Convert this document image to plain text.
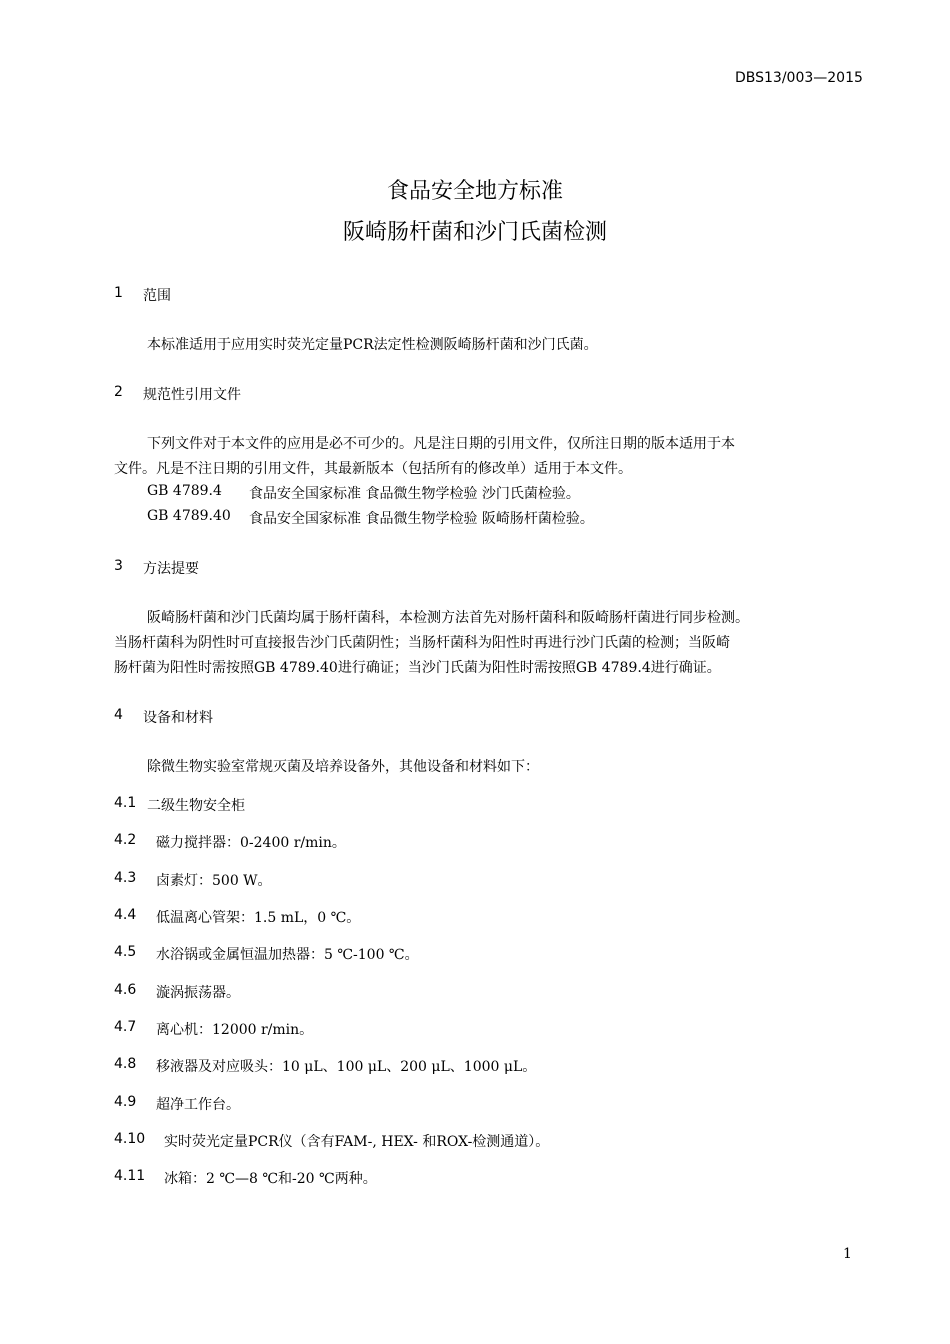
DBS13/003—2015
食品安全地方标准
阪崎肠杆菌和沙门氏菌检测
1 范围
本标准适用于应用实时荧光定量PCR法定性检测阪崎肠杆菌和沙门氏菌。
2 规范性引用文件
下列文件对于本文件的应用是必不可少的。凡是注日期的引用文件，仅所注日期的版本适用于本
文件。凡是不注日期的引用文件，其最新版本（包括所有的修改单）适用于本文件。
GB 4789.4 食品安全国家标准 食品微生物学检验 沙门氏菌检验。
GB 4789.40 食品安全国家标准 食品微生物学检验 阪崎肠杆菌检验。
3 方法提要
阪崎肠杆菌和沙门氏菌均属于肠杆菌科，本检测方法首先对肠杆菌科和阪崎肠杆菌进行同步检测。
当肠杆菌科为阴性时可直接报告沙门氏菌阴性；当肠杆菌科为阳性时再进行沙门氏菌的检测；当阪崎
肠杆菌为阳性时需按照GB 4789.40进行确证；当沙门氏菌为阳性时需按照GB 4789.4进行确证。
4 设备和材料
除微生物实验室常规灭菌及培养设备外，其他设备和材料如下：
4.1 二级生物安全柜
4.2 磁力搅拌器：0-2400 r/min。
4.3 卤素灯：500 W。
4.4 低温离心管架：1.5 mL，0 ℃。
4.5 水浴锅或金属恒温加热器：5 ℃-100 ℃。
4.6 漩涡振荡器。
4.7 离心机：12000 r/min。
4.8 移液器及对应吸头：10 μL、100 μL、200 μL、1000 μL。
4.9 超净工作台。
4.10 实时荧光定量PCR仪（含有FAM-, HEX- 和ROX-检测通道）。
4.11 冰箱：2 ℃—8 ℃和-20 ℃两种。
1
